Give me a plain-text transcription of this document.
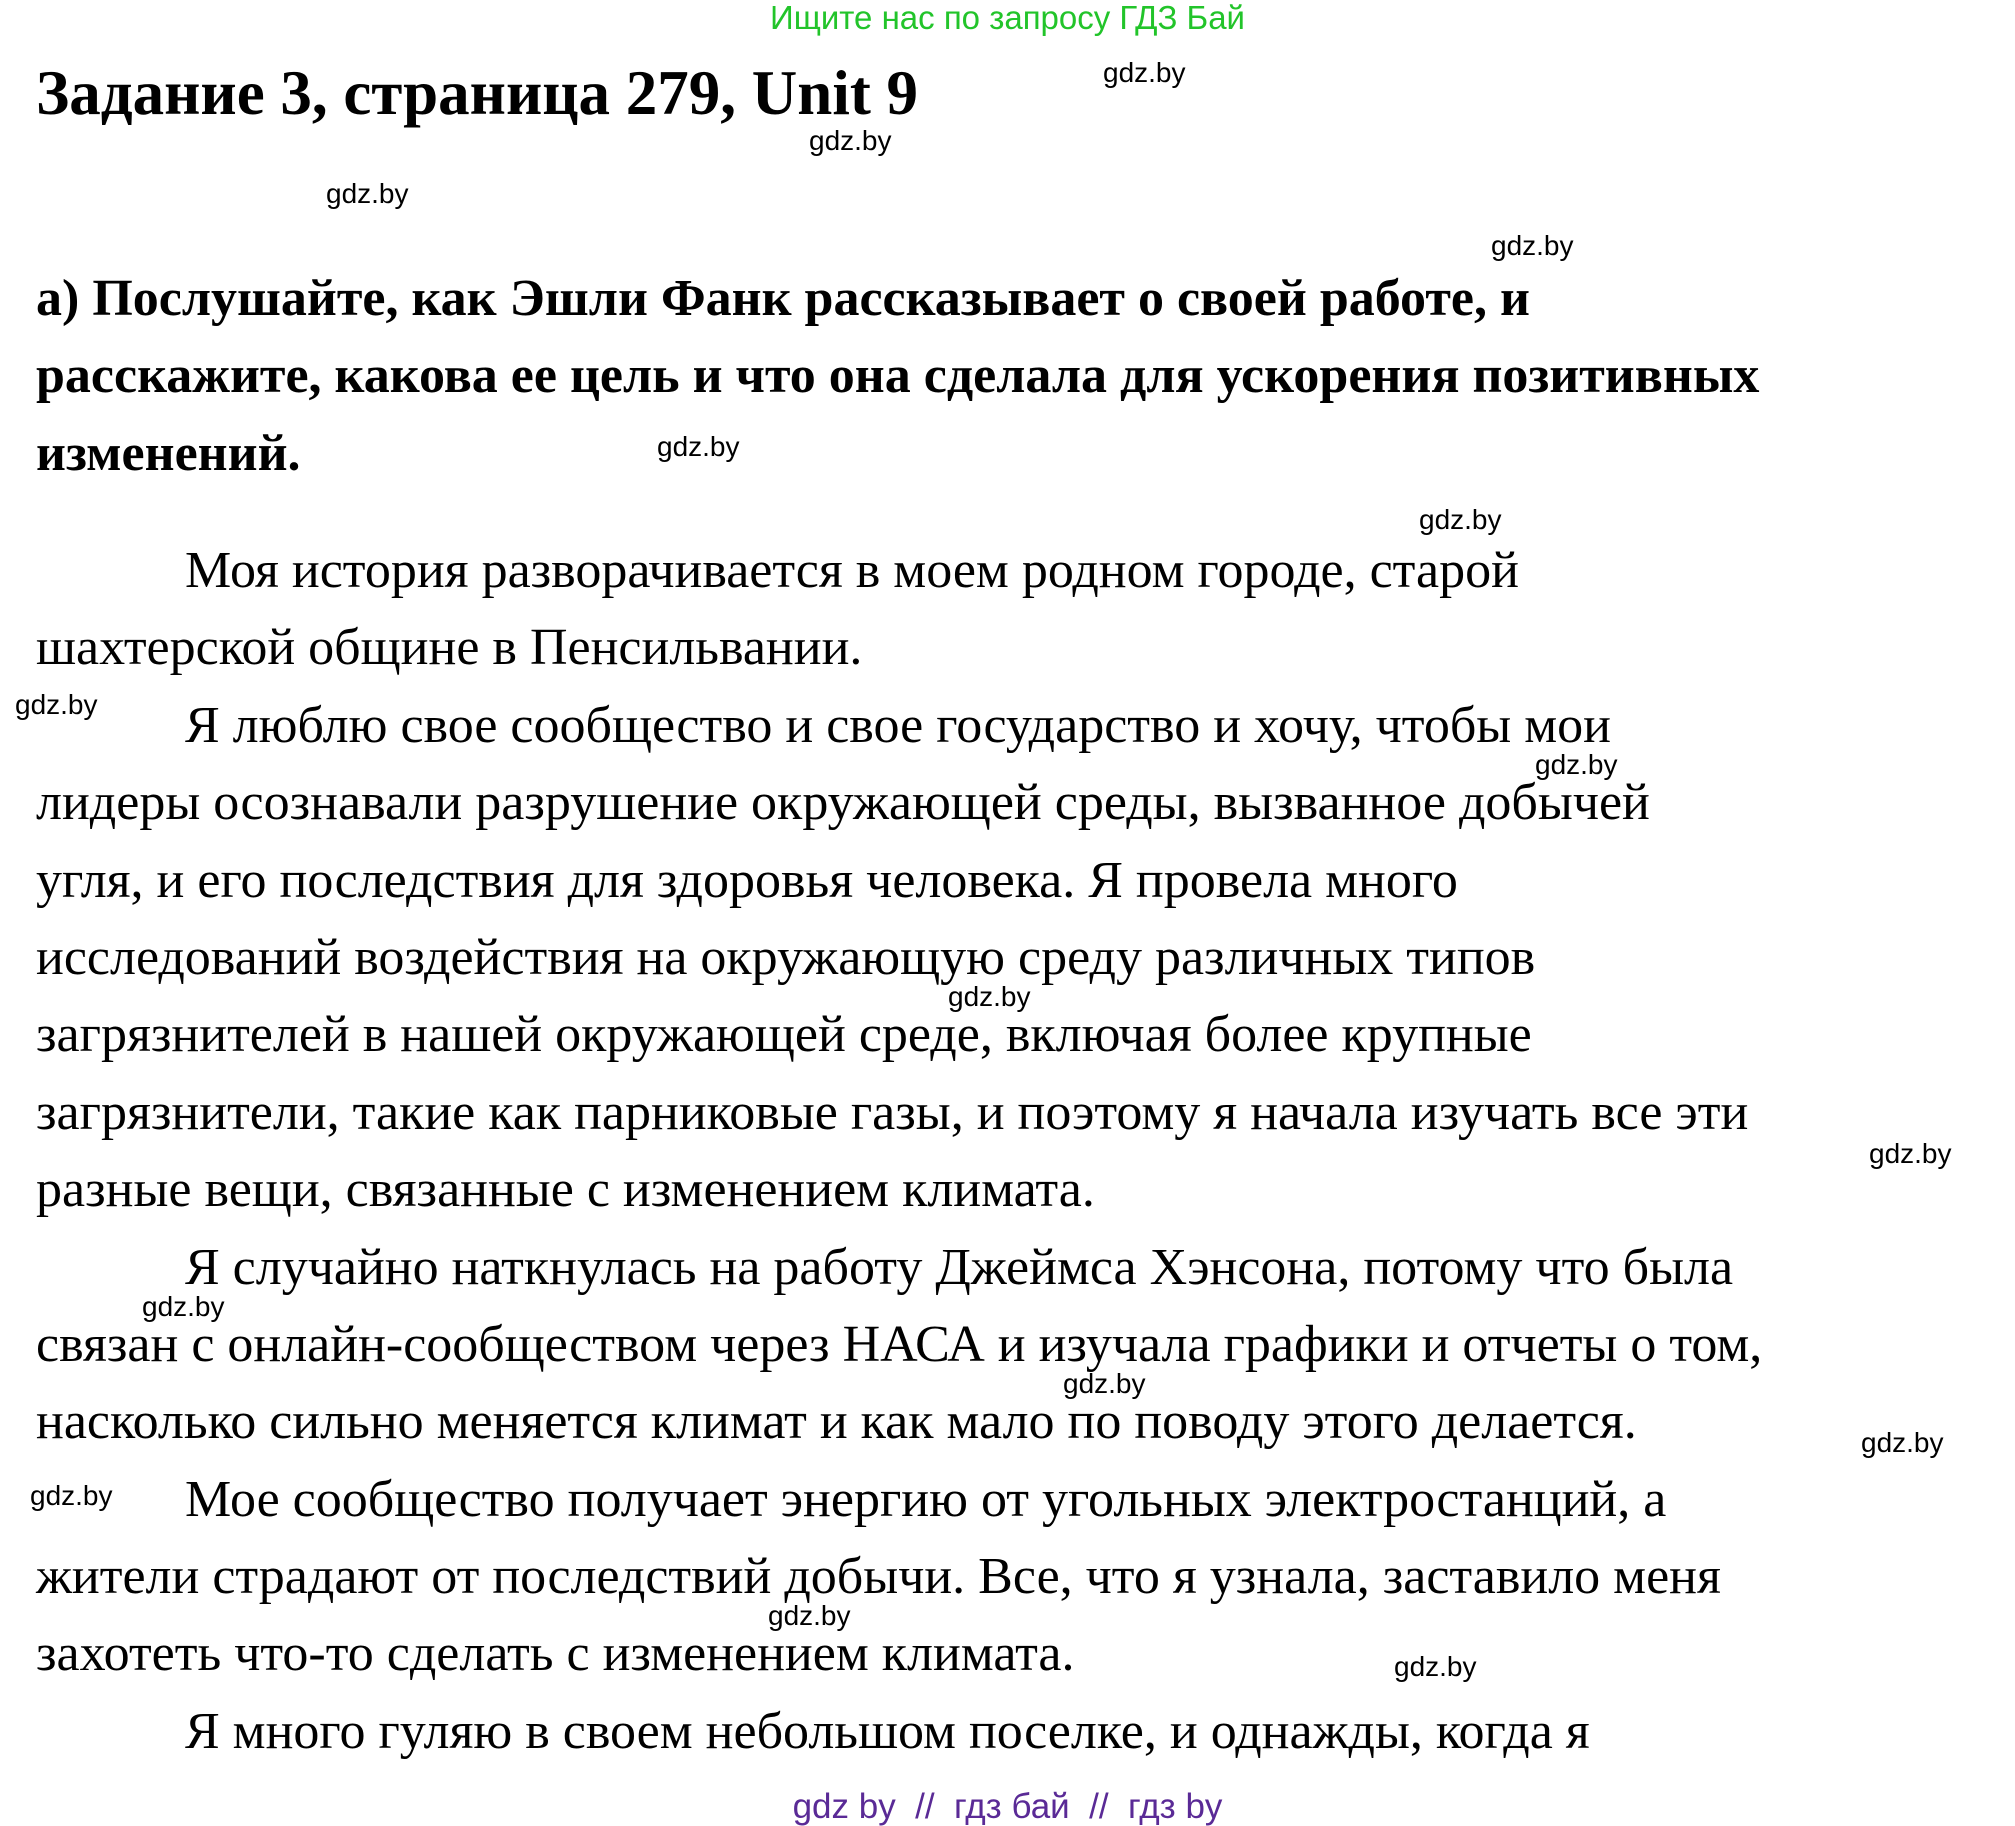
Ищите нас по запросу ГДЗ Бай
Задание 3, страница 279, Unit 9
а) Послушайте, как Эшли Фанк рассказывает о своей работе, и
расскажите, какова ее цель и что она сделала для ускорения позитивных
изменений.
Моя история разворачивается в моем родном городе, старой
шахтерской общине в Пенсильвании.
Я люблю свое сообщество и свое государство и хочу, чтобы мои
лидеры осознавали разрушение окружающей среды, вызванное добычей
угля, и его последствия для здоровья человека. Я провела много
исследований воздействия на окружающую среду различных типов
загрязнителей в нашей окружающей среде, включая более крупные
загрязнители, такие как парниковые газы, и поэтому я начала изучать все эти
разные вещи, связанные с изменением климата.
Я случайно наткнулась на работу Джеймса Хэнсона, потому что была
связан с онлайн-сообществом через НАСА и изучала графики и отчеты о том,
насколько сильно меняется климат и как мало по поводу этого делается.
Мое сообщество получает энергию от угольных электростанций, а
жители страдают от последствий добычи. Все, что я узнала, заставило меня
захотеть что-то сделать с изменением климата.
Я много гуляю в своем небольшом поселке, и однажды, когда я
gdz.by
gdz.by
gdz.by
gdz.by
gdz.by
gdz.by
gdz.by
gdz.by
gdz.by
gdz.by
gdz.by
gdz.by
gdz.by
gdz.by
gdz.by
gdz.by
gdz by  //  гдз бай  //  гдз by
